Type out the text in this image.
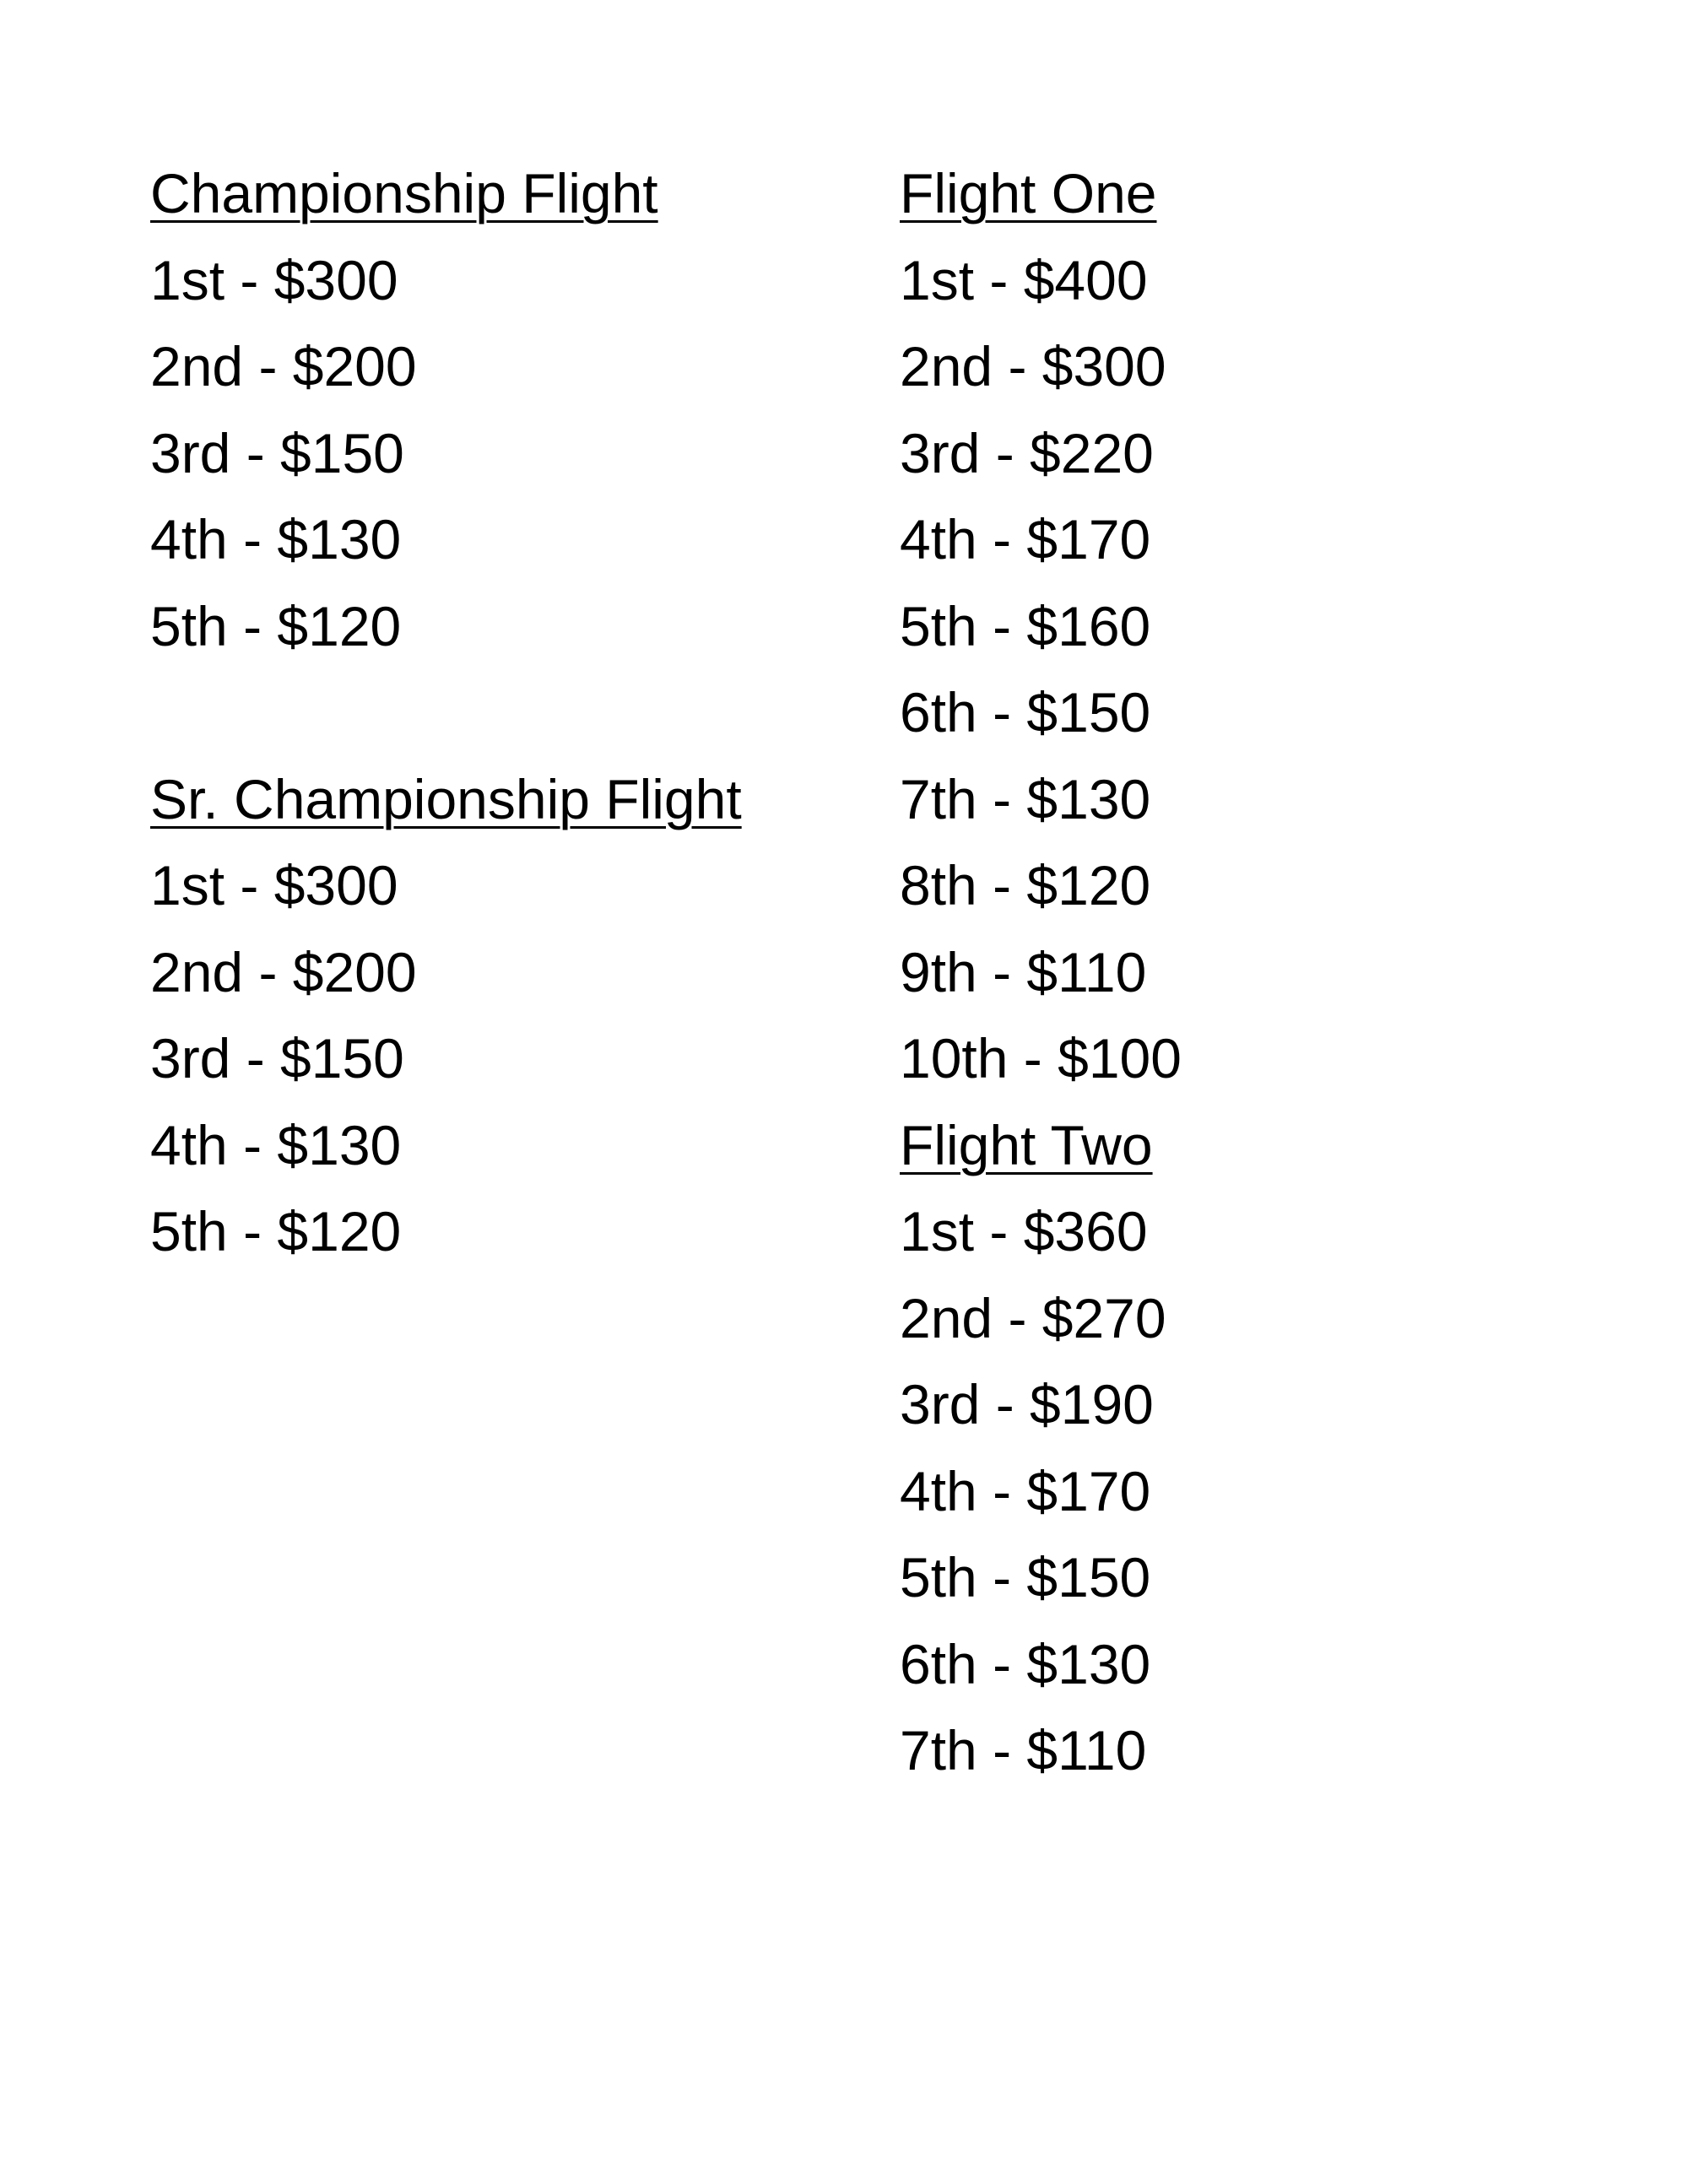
Championship Flight
1st - $300
2nd - $200
3rd - $150
4th - $130
5th - $120
Sr. Championship Flight
1st - $300
2nd - $200
3rd - $150
4th - $130
5th - $120
Flight One
1st - $400
2nd - $300
3rd - $220
4th - $170
5th - $160
6th - $150
7th - $130
8th - $120
9th - $110
10th - $100
Flight Two
1st - $360
2nd - $270
3rd - $190
4th - $170
5th - $150
6th - $130
7th - $110
